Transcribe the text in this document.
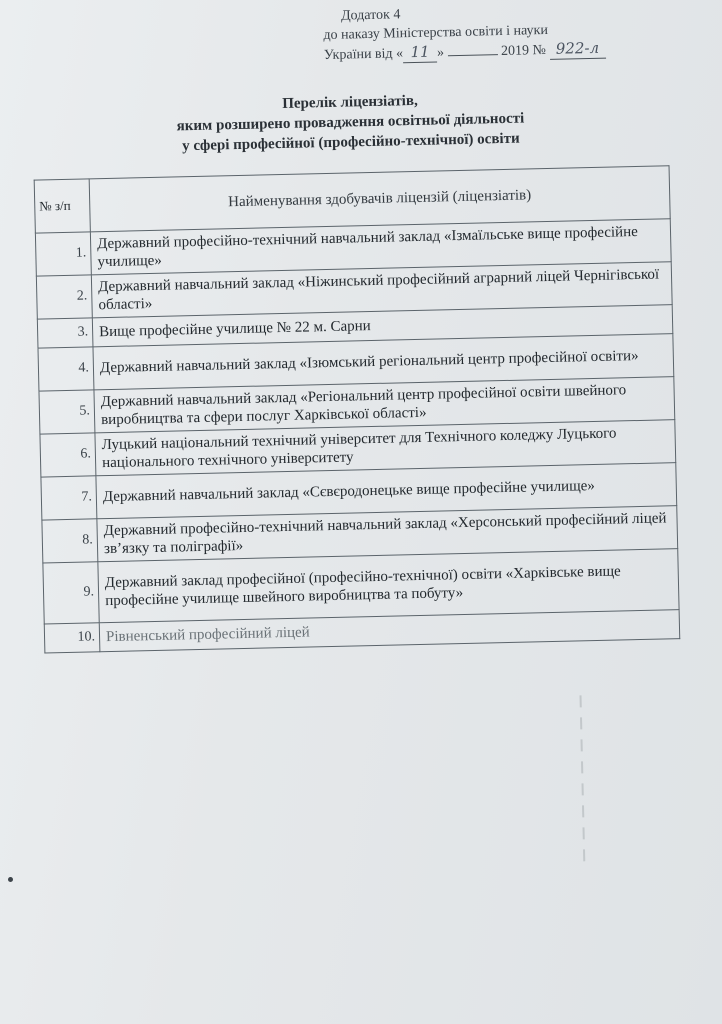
Додаток 4
до наказу Міністерства освіти і науки
України від « 11 »	2019 № 922-л
Перелік ліцензіатів,
яким розширено провадження освітньої діяльності
у сфері професійної (професійно-технічної) освіти
№ з/п	Найменування здобувачів ліцензій (ліцензіатів)
1.	Державний професійно-технічний навчальний заклад «Ізмаїльське вище професійне училище»
2.	Державний навчальний заклад «Ніжинський професійний аграрний ліцей Чернігівської області»
3.	Вище професійне училище № 22 м. Сарни
4.	Державний навчальний заклад «Ізюмський регіональний центр професійної освіти»
5.	Державний навчальний заклад «Регіональний центр професійної освіти швейного виробництва та сфери послуг Харківської області»
6.	Луцький національний технічний університет для Технічного коледжу Луцького національного технічного університету
7.	Державний навчальний заклад «Сєвєродонецьке вище професійне училище»
8.	Державний професійно-технічний навчальний заклад «Херсонський професійний ліцей зв’язку та поліграфії»
9.	Державний заклад професійної (професійно-технічної) освіти «Харківське вище професійне училище швейного виробництва та побуту»
10.	Рівненський професійний ліцей
